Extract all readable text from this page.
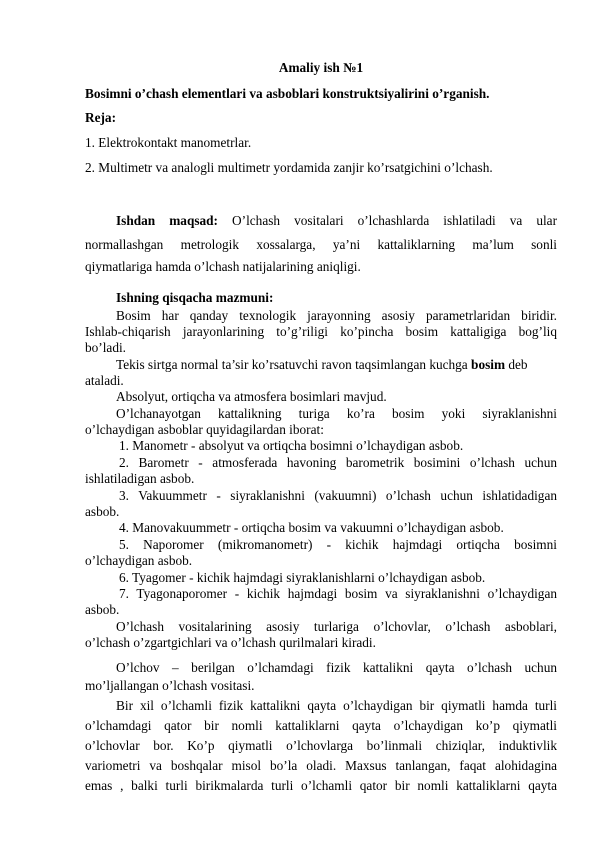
Amaliy ish №1
Bosimni o’chash elementlari va asboblari konstruktsiyalirini o’rganish.
Reja:
1. Elektrokontakt manometrlar.
2. Multimetr va analogli multimetr yordamida zanjir ko’rsatgichini o’lchash.
Ishdan maqsad: O’lchash vositalari o’lchashlarda ishlatiladi va ular
normallashgan metrologik xossalarga, ya’ni kattaliklarning ma’lum sonli
qiymatlariga hamda o’lchash natijalarining aniqligi.
Ishning qisqacha mazmuni:
Bosim har qanday texnologik jarayonning asosiy parametrlaridan biridir.
Ishlab-chiqarish jarayonlarining to’g’riligi ko’pincha bosim kattaligiga bog’liq
bo’ladi.
Tekis sirtga normal ta’sir ko’rsatuvchi ravon taqsimlangan kuchga bosim deb
ataladi.
Absolyut, ortiqcha va atmosfera bosimlari mavjud.
O’lchanayotgan kattalikning turiga ko’ra bosim yoki siyraklanishni
o’lchaydigan asboblar quyidagilardan iborat:
1. Manometr - absolyut va ortiqcha bosimni o’lchaydigan asbob.
2. Barometr - atmosferada havoning barometrik bosimini o’lchash uchun
ishlatiladigan asbob.
3. Vakuummetr - siyraklanishni (vakuumni) o’lchash uchun ishlatidadigan
asbob.
4. Manovakuummetr - ortiqcha bosim va vakuumni o’lchaydigan asbob.
5. Naporomer (mikromanometr) - kichik hajmdagi ortiqcha bosimni
o’lchaydigan asbob.
6. Tyagomer - kichik hajmdagi siyraklanishlarni o’lchaydigan asbob.
7. Tyagonaporomer - kichik hajmdagi bosim va siyraklanishni o’lchaydigan
asbob.
O’lchash vositalarining asosiy turlariga o’lchovlar, o’lchash asboblari,
o’lchash o’zgartgichlari va o’lchash qurilmalari kiradi.
O’lchov – berilgan o’lchamdagi fizik kattalikni qayta o’lchash uchun
mo’ljallangan o’lchash vositasi.
Bir xil o’lchamli fizik kattalikni qayta o’lchaydigan bir qiymatli hamda turli
o’lchamdagi qator bir nomli kattaliklarni qayta o’lchaydigan ko’p qiymatli
o’lchovlar bor. Ko’p qiymatli o’lchovlarga bo’linmali chiziqlar, induktivlik
variometri va boshqalar misol bo’la oladi. Maxsus tanlangan, faqat alohidagina
emas , balki turli birikmalarda turli o’lchamli qator bir nomli kattaliklarni qayta
